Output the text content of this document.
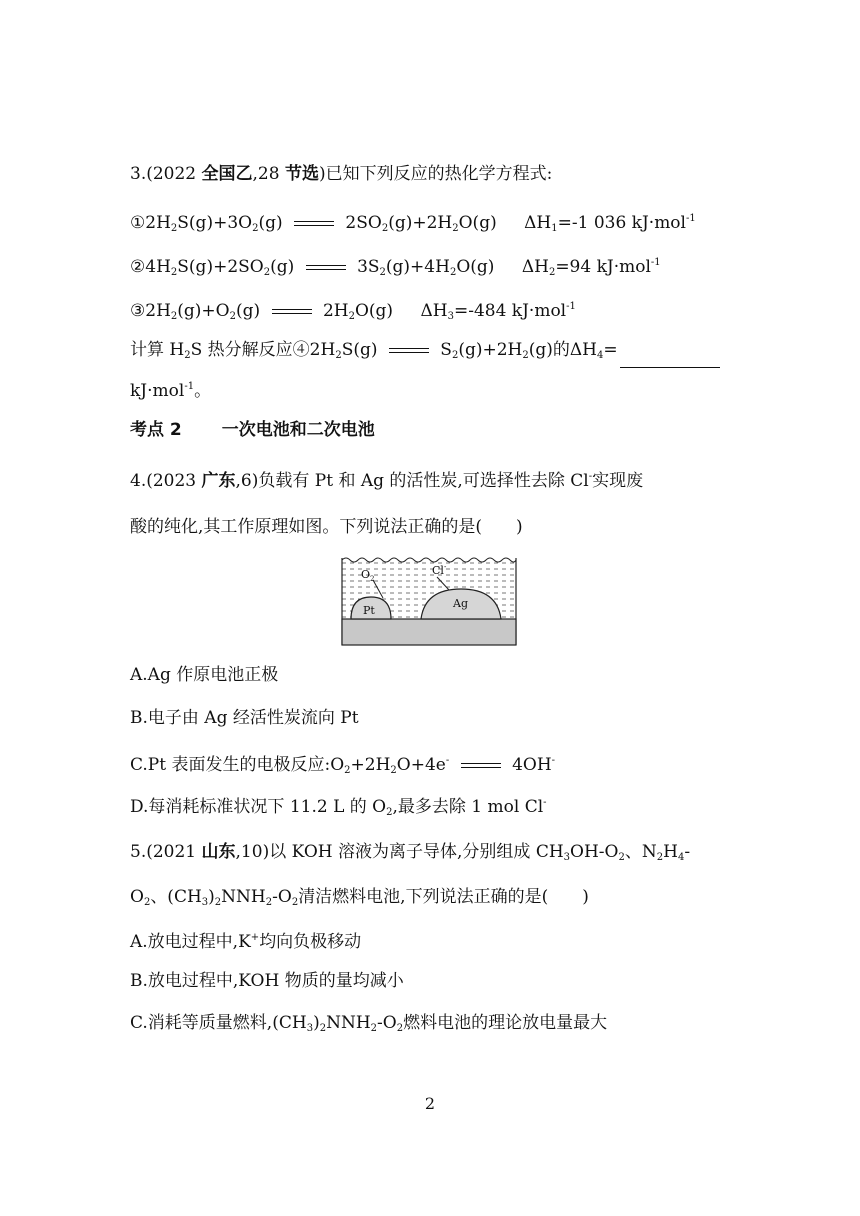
3.(2022 全国乙,28 节选)已知下列反应的热化学方程式:
$①2H_2S(g)+3O_2(g)$	$2SO_2(g)+2H_2O(g)$ $\Delta H_1=-1$ 036 kJ·mol$^{-1}$
$②4H_2S(g)+2SO_2(g)$	$3S_2(g)+4H_2O(g)$ $\Delta H_2=94$ kJ·mol$^{-1}$
$③2H_2(g)+O_2(g)$	$2H_2O(g)$ $\Delta H_3=-484$ kJ·mol$^{-1}$
计算 $H_2S$ 热分解反应$④2H_2S(g)$	$S_2(g)+2H_2(g)$的$\Delta H_4=$
kJ·mol$^{-1}$。
考点 2 一次电池和二次电池
4.(2023 广东,6)负载有 Pt 和 Ag 的活性炭,可选择性去除 Cl-实现废
酸的纯化,其工作原理如图。下列说法正确的是(　　)
$O_2$
Cl-
Pt
Ag
A.Ag 作原电池正极
B.电子由 Ag 经活性炭流向 Pt
C.Pt 表面发生的电极反应$:O_2+2H_2O+4e^-$	4OH-
D.每消耗标准状况下 11.2 L 的 $O_2$,最多去除 1 mol Cl-
5.(2021 山东,10)以 KOH 溶液为离子导体,分别组成 $CH_3OH-O_2$、$N_2H_4-$
$O_2$、$(CH_3)_2NNH_2-O_2$清洁燃料电池,下列说法正确的是(　　)
A.放电过程中,K+均向负极移动
B.放电过程中,KOH 物质的量均减小
C.消耗等质量燃料$,(CH_3)_2NNH_2-O_2$燃料电池的理论放电量最大
2
